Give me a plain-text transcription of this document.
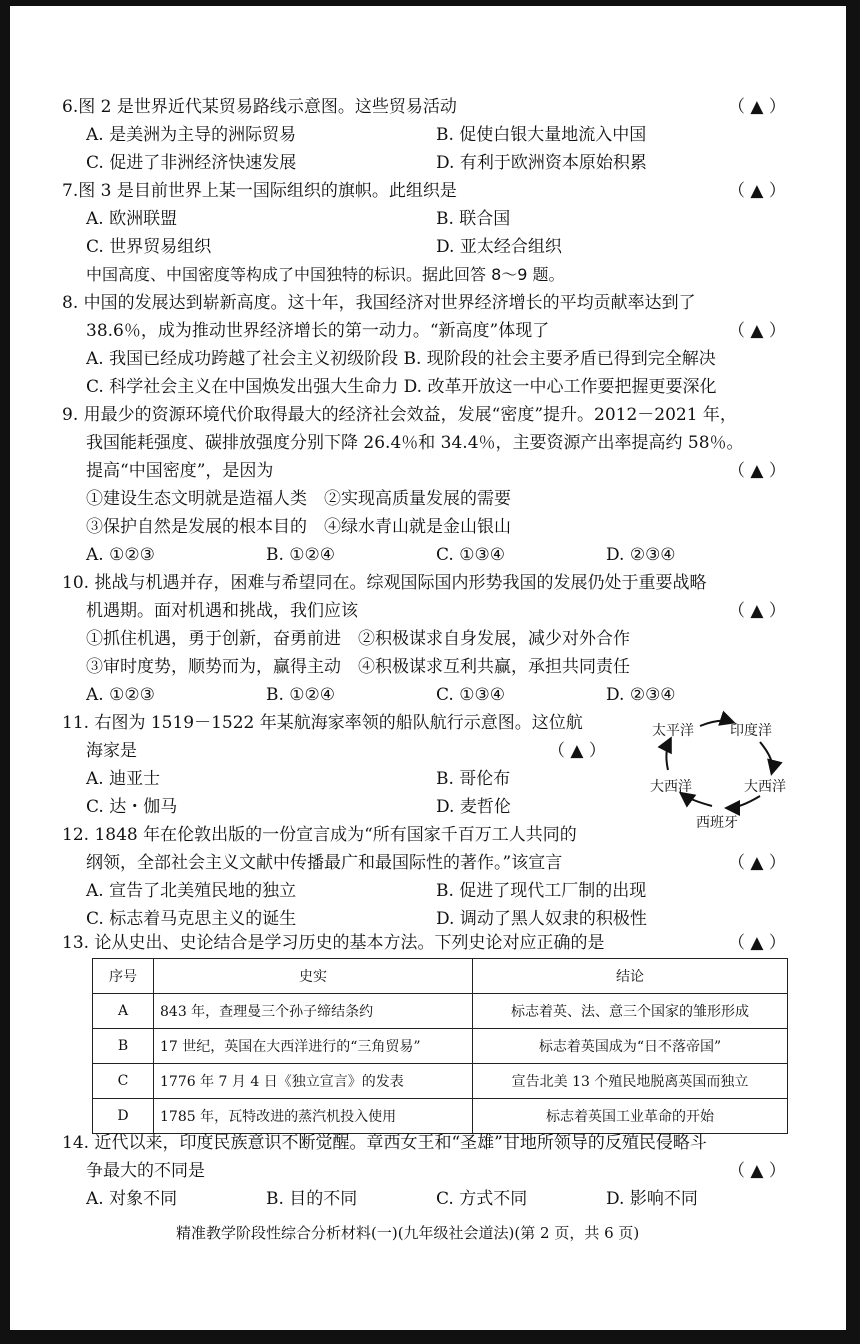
6.图 2 是世界近代某贸易路线示意图。这些贸易活动	（ ▲ ）
A. 是美洲为主导的洲际贸易	B. 促使白银大量地流入中国
C. 促进了非洲经济快速发展	D. 有利于欧洲资本原始积累
7.图 3 是目前世界上某一国际组织的旗帜。此组织是	（ ▲ ）
A. 欧洲联盟	B. 联合国
C. 世界贸易组织	D. 亚太经合组织
中国高度、中国密度等构成了中国独特的标识。据此回答 8～9 题。
8. 中国的发展达到崭新高度。这十年，我国经济对世界经济增长的平均贡献率达到了
38.6％，成为推动世界经济增长的第一动力。“新高度”体现了	（ ▲ ）
A. 我国已经成功跨越了社会主义初级阶段 B. 现阶段的社会主要矛盾已得到完全解决
C. 科学社会主义在中国焕发出强大生命力 D. 改革开放这一中心工作要把握更要深化
9. 用最少的资源环境代价取得最大的经济社会效益，发展“密度”提升。2012－2021 年，
我国能耗强度、碳排放强度分别下降 26.4％和 34.4％，主要资源产出率提高约 58％。
提高“中国密度”，是因为	（ ▲ ）
①建设生态文明就是造福人类　②实现高质量发展的需要
③保护自然是发展的根本目的　④绿水青山就是金山银山
A. ①②③	B. ①②④	C. ①③④	D. ②③④
10. 挑战与机遇并存，困难与希望同在。综观国际国内形势我国的发展仍处于重要战略
机遇期。面对机遇和挑战，我们应该	（ ▲ ）
①抓住机遇，勇于创新，奋勇前进　②积极谋求自身发展，减少对外合作
③审时度势，顺势而为，赢得主动　④积极谋求互利共赢，承担共同责任
A. ①②③	B. ①②④	C. ①③④	D. ②③④
11. 右图为 1519－1522 年某航海家率领的船队航行示意图。这位航
海家是	（ ▲ ）
A. 迪亚士	B. 哥伦布
C. 达・伽马	D. 麦哲伦
太平洋	印度洋
大西洋	大西洋
西班牙
12. 1848 年在伦敦出版的一份宣言成为“所有国家千百万工人共同的
纲领，全部社会主义文献中传播最广和最国际性的著作。”该宣言	（ ▲ ）
A. 宣告了北美殖民地的独立	B. 促进了现代工厂制的出现
C. 标志着马克思主义的诞生	D. 调动了黑人奴隶的积极性
13. 论从史出、史论结合是学习历史的基本方法。下列史论对应正确的是	（ ▲ ）
序号	史实	结论
A	843 年，查理曼三个孙子缔结条约	标志着英、法、意三个国家的雏形形成
B	17 世纪，英国在大西洋进行的“三角贸易”	标志着英国成为“日不落帝国”
C	1776 年 7 月 4 日《独立宣言》的发表	宣告北美 13 个殖民地脱离英国而独立
D	1785 年，瓦特改进的蒸汽机投入使用	标志着英国工业革命的开始
14. 近代以来，印度民族意识不断觉醒。章西女王和“圣雄”甘地所领导的反殖民侵略斗
争最大的不同是	（ ▲ ）
A. 对象不同	B. 目的不同	C. 方式不同	D. 影响不同
精准教学阶段性综合分析材料(一)(九年级社会道法)(第 2 页，共 6 页)
